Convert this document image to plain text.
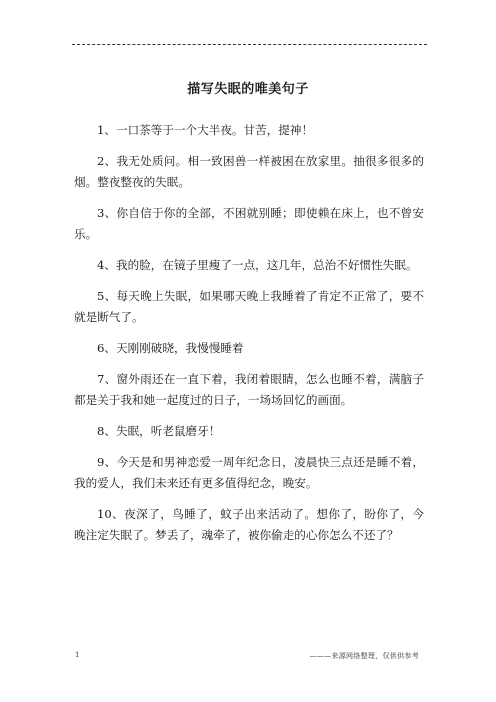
描写失眠的唯美句子

1、一口茶等于一个大半夜。甘苦，提神！

2、我无处质问。相一致困兽一样被困在放家里。抽很多很多的烟。整夜整夜的失眠。

3、你自信于你的全部，不困就别睡；即使赖在床上，也不曾安乐。

4、我的脸，在镜子里瘦了一点，这几年，总治不好惯性失眠。

5、每天晚上失眠，如果哪天晚上我睡着了肯定不正常了，要不就是断气了。

6、天刚刚破晓，我慢慢睡着

7、窗外雨还在一直下着，我闭着眼睛，怎么也睡不着，满脑子都是关于我和她一起度过的日子，一场场回忆的画面。

8、失眠，听老鼠磨牙！

9、今天是和男神恋爱一周年纪念日，凌晨快三点还是睡不着，我的爱人，我们未来还有更多值得纪念，晚安。

10、夜深了，鸟睡了，蚊子出来活动了。想你了，盼你了，今晚注定失眠了。梦丢了，魂牵了，被你偷走的心你怎么不还了？

1	———来源网络整理，仅供供参考
